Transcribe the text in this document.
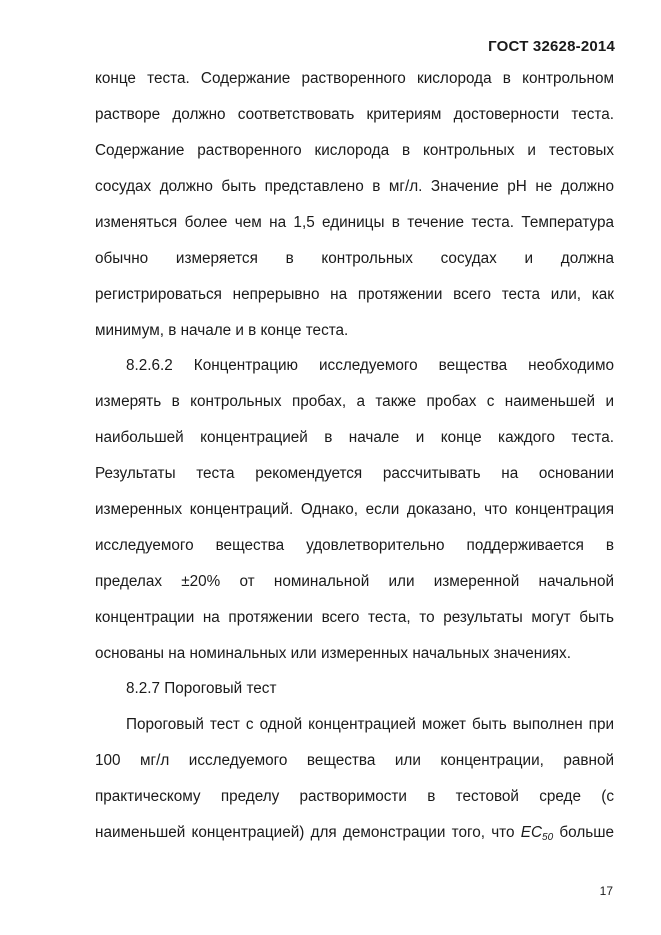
ГОСТ 32628-2014
конце теста. Содержание растворенного кислорода в контрольном
растворе должно соответствовать критериям достоверности теста.
Содержание растворенного кислорода в контрольных и тестовых
сосудах должно быть представлено в мг/л. Значение pH не должно
изменяться более чем на 1,5 единицы в течение теста. Температура
обычно измеряется в контрольных сосудах и должна
регистрироваться непрерывно на протяжении всего теста или, как
минимум, в начале и в конце теста.
8.2.6.2 Концентрацию исследуемого вещества необходимо
измерять в контрольных пробах, а также пробах с наименьшей и
наибольшей концентрацией в начале и конце каждого теста.
Результаты теста рекомендуется рассчитывать на основании
измеренных концентраций. Однако, если доказано, что концентрация
исследуемого вещества удовлетворительно поддерживается в
пределах ±20% от номинальной или измеренной начальной
концентрации на протяжении всего теста, то результаты могут быть
основаны на номинальных или измеренных начальных значениях.
8.2.7 Пороговый тест
Пороговый тест с одной концентрацией может быть выполнен при
100 мг/л исследуемого вещества или концентрации, равной
практическому пределу растворимости в тестовой среде (с
наименьшей концентрацией) для демонстрации того, что EC50 больше
17
